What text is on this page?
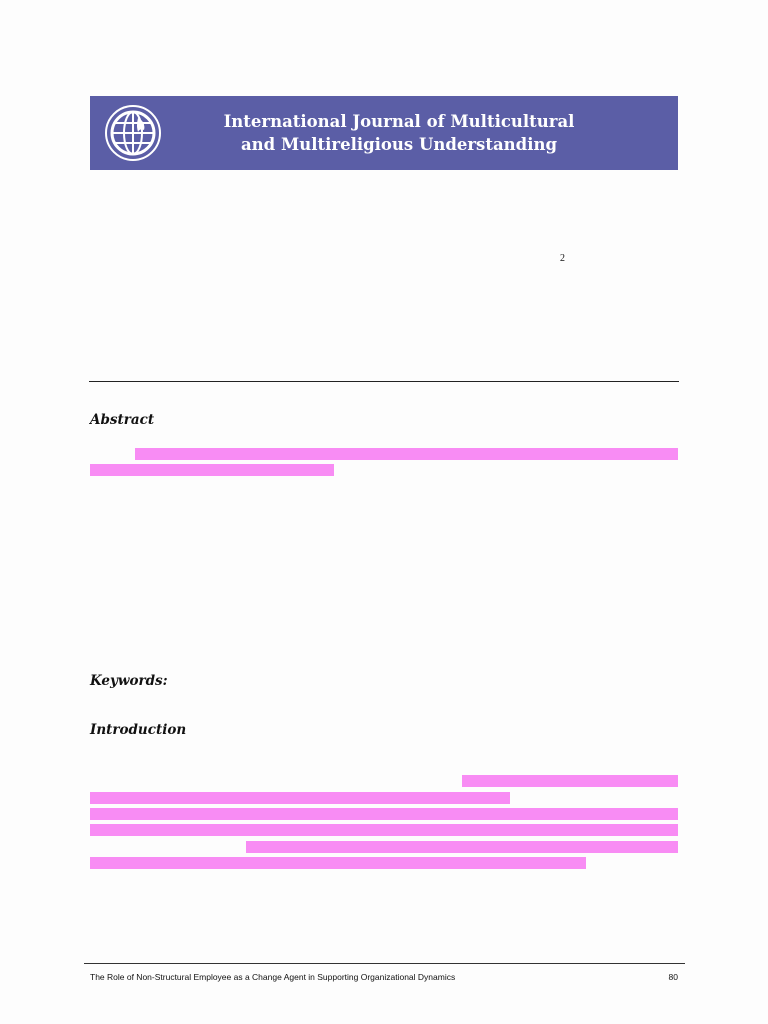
International Journal of Multicultural
and Multireligious Understanding
2
Abstract
Keywords:
Introduction
The Role of Non-Structural Employee as a Change Agent in Supporting Organizational Dynamics	80
